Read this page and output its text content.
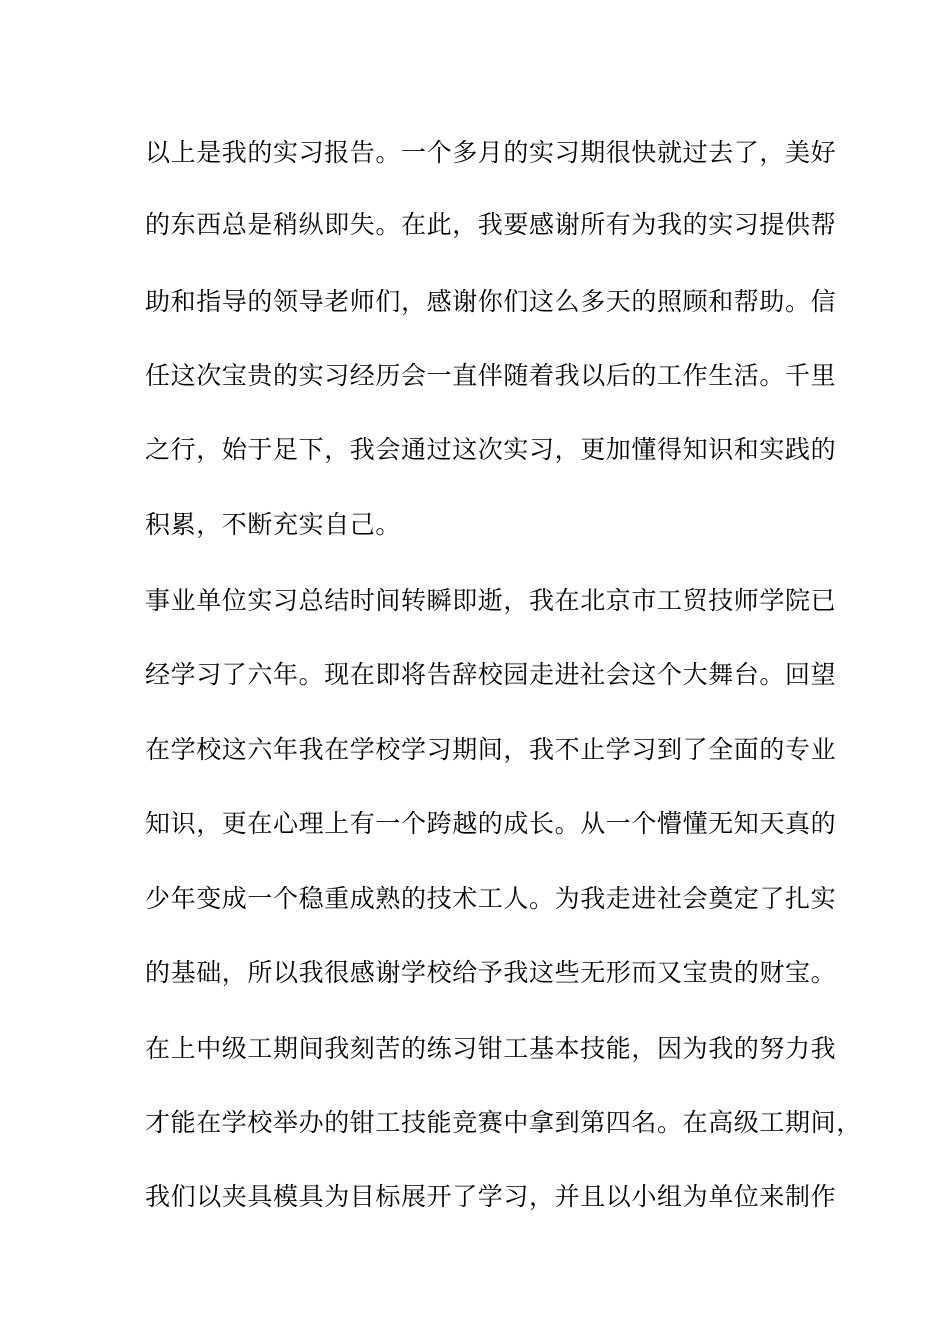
以上是我的实习报告。一个多月的实习期很快就过去了，美好
的东西总是稍纵即失。在此，我要感谢所有为我的实习提供帮
助和指导的领导老师们，感谢你们这么多天的照顾和帮助。信
任这次宝贵的实习经历会一直伴随着我以后的工作生活。千里
之行，始于足下，我会通过这次实习，更加懂得知识和实践的
积累，不断充实自己。
事业单位实习总结时间转瞬即逝，我在北京市工贸技师学院已
经学习了六年。现在即将告辞校园走进社会这个大舞台。回望
在学校这六年我在学校学习期间，我不止学习到了全面的专业
知识，更在心理上有一个跨越的成长。从一个懵懂无知天真的
少年变成一个稳重成熟的技术工人。为我走进社会奠定了扎实
的基础，所以我很感谢学校给予我这些无形而又宝贵的财宝。
在上中级工期间我刻苦的练习钳工基本技能，因为我的努力我
才能在学校举办的钳工技能竞赛中拿到第四名。在高级工期间，
我们以夹具模具为目标展开了学习，并且以小组为单位来制作
